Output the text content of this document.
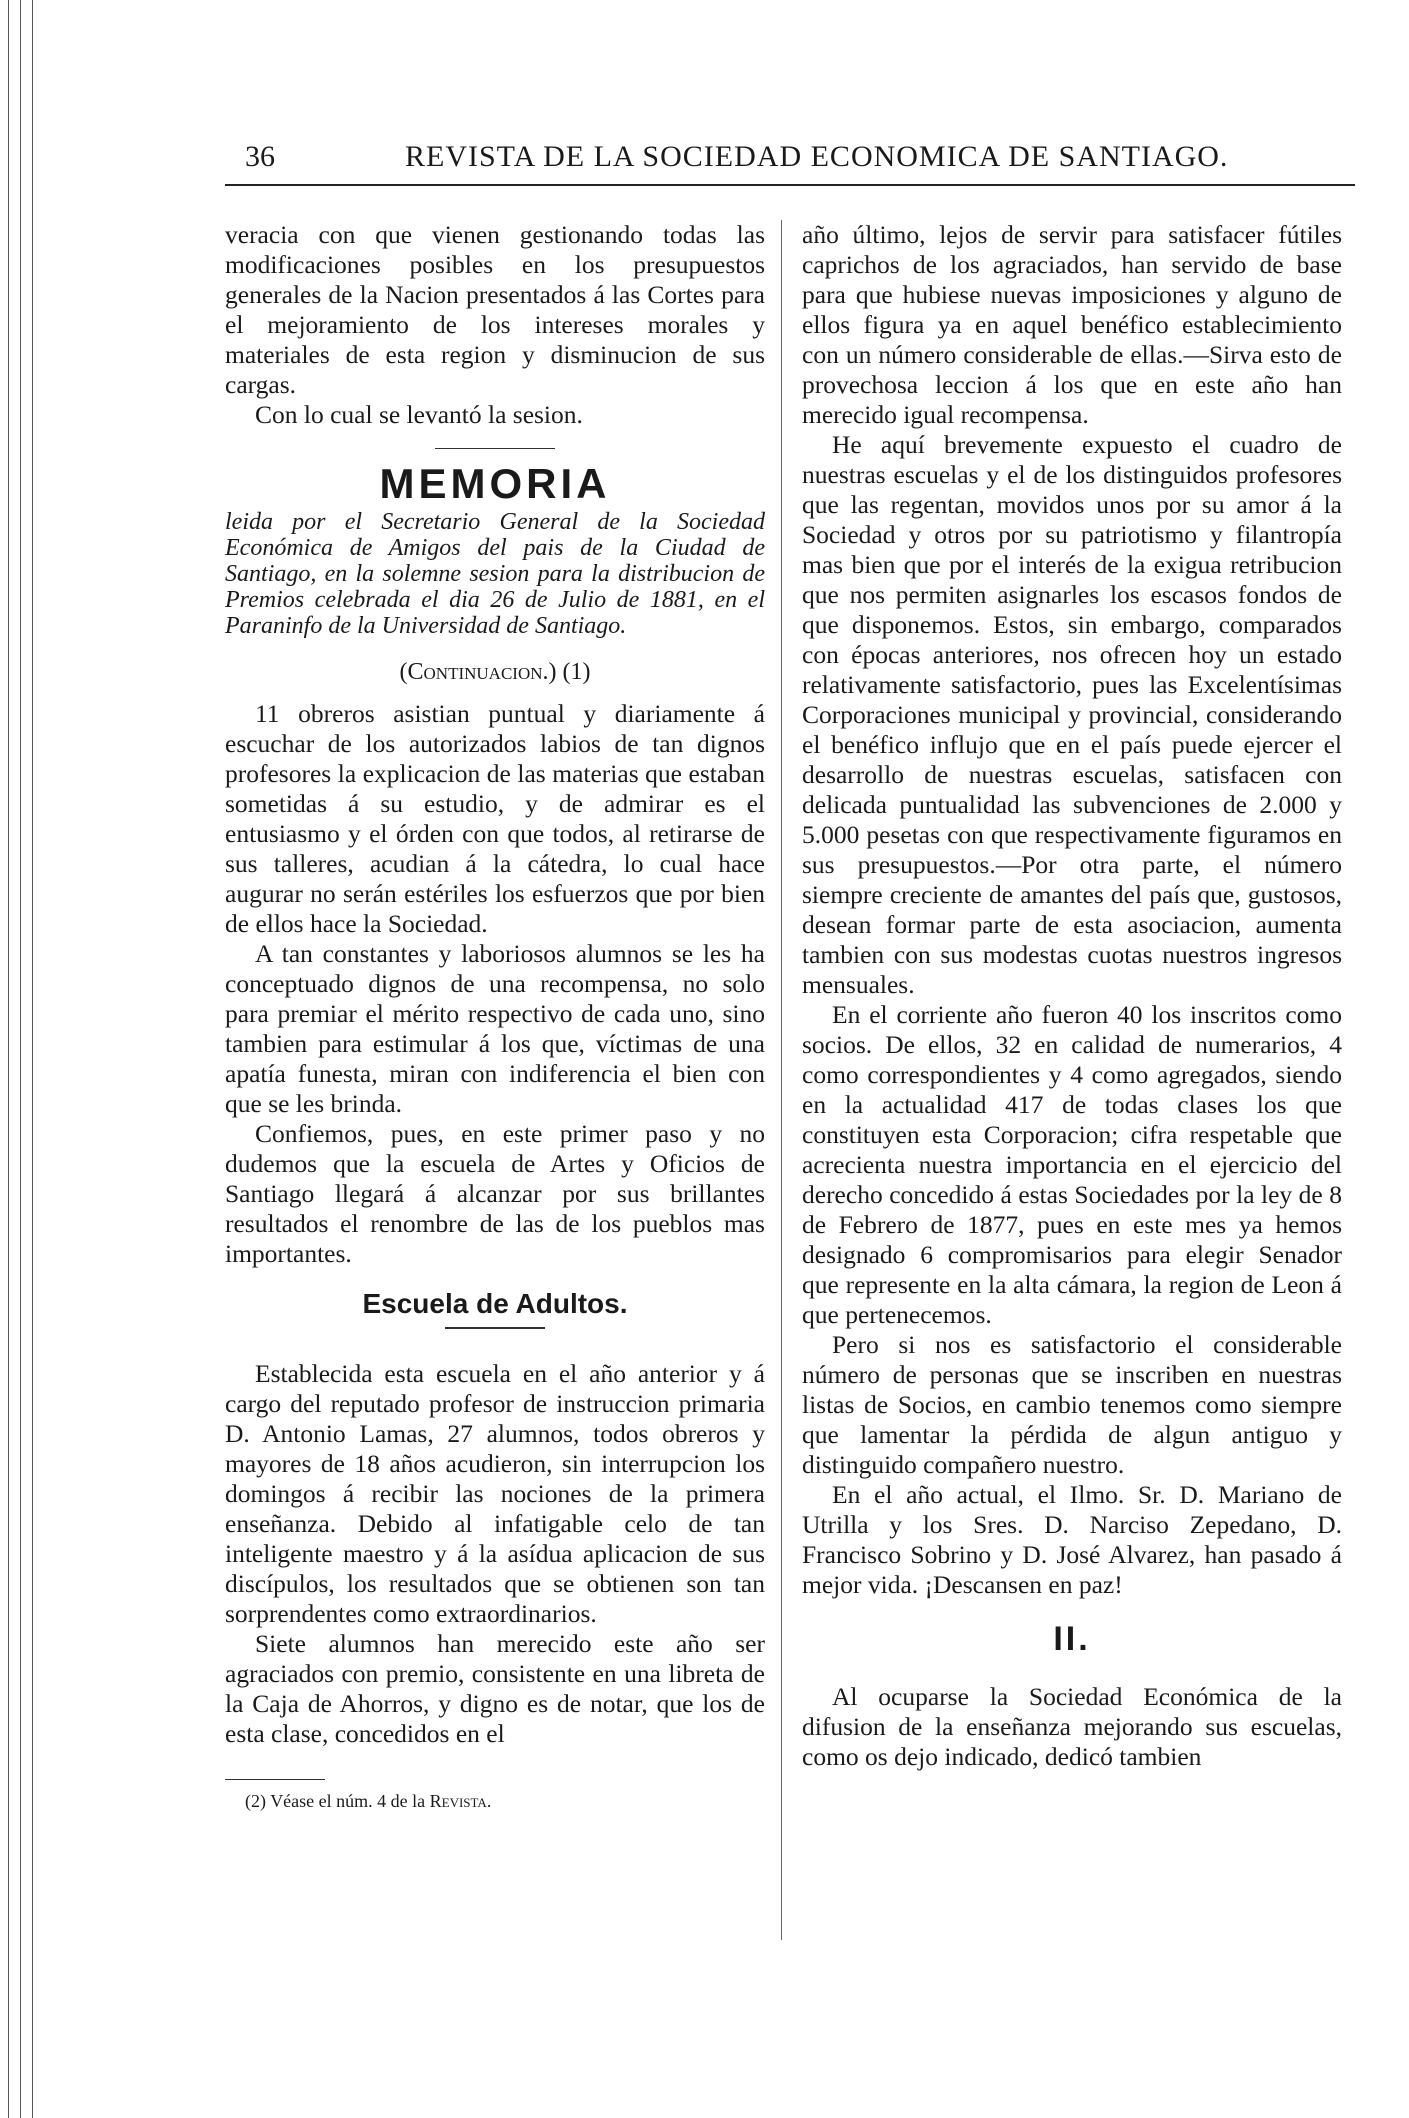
36	REVISTA DE LA SOCIEDAD ECONOMICA DE SANTIAGO.

veracia con que vienen gestionando todas las modificaciones posibles en los presupuestos generales de la Nacion presentados á las Cortes para el mejoramiento de los intereses morales y materiales de esta region y disminucion de sus cargas.

Con lo cual se levantó la sesion.

MEMORIA

leida por el Secretario General de la Sociedad Económica de Amigos del pais de la Ciudad de Santiago, en la solemne sesion para la distribucion de Premios celebrada el dia 26 de Julio de 1881, en el Paraninfo de la Universidad de Santiago.

(Continuacion.) (1)

11 obreros asistian puntual y diariamente á escuchar de los autorizados labios de tan dignos profesores la explicacion de las materias que estaban sometidas á su estudio, y de admirar es el entusiasmo y el órden con que todos, al retirarse de sus talleres, acudian á la cátedra, lo cual hace augurar no serán estériles los esfuerzos que por bien de ellos hace la Sociedad.

A tan constantes y laboriosos alumnos se les ha conceptuado dignos de una recompensa, no solo para premiar el mérito respectivo de cada uno, sino tambien para estimular á los que, víctimas de una apatía funesta, miran con indiferencia el bien con que se les brinda.

Confiemos, pues, en este primer paso y no dudemos que la escuela de Artes y Oficios de Santiago llegará á alcanzar por sus brillantes resultados el renombre de las de los pueblos mas importantes.

Escuela de Adultos.

Establecida esta escuela en el año anterior y á cargo del reputado profesor de instruccion primaria D. Antonio Lamas, 27 alumnos, todos obreros y mayores de 18 años acudieron, sin interrupcion los domingos á recibir las nociones de la primera enseñanza. Debido al infatigable celo de tan inteligente maestro y á la asídua aplicacion de sus discípulos, los resultados que se obtienen son tan sorprendentes como extraordinarios.

Siete alumnos han merecido este año ser agraciados con premio, consistente en una libreta de la Caja de Ahorros, y digno es de notar, que los de esta clase, concedidos en el

(2) Véase el núm. 4 de la Revista.

año último, lejos de servir para satisfacer fútiles caprichos de los agraciados, han servido de base para que hubiese nuevas imposiciones y alguno de ellos figura ya en aquel benéfico establecimiento con un número considerable de ellas.—Sirva esto de provechosa leccion á los que en este año han merecido igual recompensa.

He aquí brevemente expuesto el cuadro de nuestras escuelas y el de los distinguidos profesores que las regentan, movidos unos por su amor á la Sociedad y otros por su patriotismo y filantropía mas bien que por el interés de la exigua retribucion que nos permiten asignarles los escasos fondos de que disponemos. Estos, sin embargo, comparados con épocas anteriores, nos ofrecen hoy un estado relativamente satisfactorio, pues las Excelentísimas Corporaciones municipal y provincial, considerando el benéfico influjo que en el país puede ejercer el desarrollo de nuestras escuelas, satisfacen con delicada puntualidad las subvenciones de 2.000 y 5.000 pesetas con que respectivamente figuramos en sus presupuestos.—Por otra parte, el número siempre creciente de amantes del país que, gustosos, desean formar parte de esta asociacion, aumenta tambien con sus modestas cuotas nuestros ingresos mensuales.

En el corriente año fueron 40 los inscritos como socios. De ellos, 32 en calidad de numerarios, 4 como correspondientes y 4 como agregados, siendo en la actualidad 417 de todas clases los que constituyen esta Corporacion; cifra respetable que acrecienta nuestra importancia en el ejercicio del derecho concedido á estas Sociedades por la ley de 8 de Febrero de 1877, pues en este mes ya hemos designado 6 compromisarios para elegir Senador que represente en la alta cámara, la region de Leon á que pertenecemos.

Pero si nos es satisfactorio el considerable número de personas que se inscriben en nuestras listas de Socios, en cambio tenemos como siempre que lamentar la pérdida de algun antiguo y distinguido compañero nuestro.

En el año actual, el Ilmo. Sr. D. Mariano de Utrilla y los Sres. D. Narciso Zepedano, D. Francisco Sobrino y D. José Alvarez, han pasado á mejor vida. ¡Descansen en paz!

II.

Al ocuparse la Sociedad Económica de la difusion de la enseñanza mejorando sus escuelas, como os dejo indicado, dedicó tambien
